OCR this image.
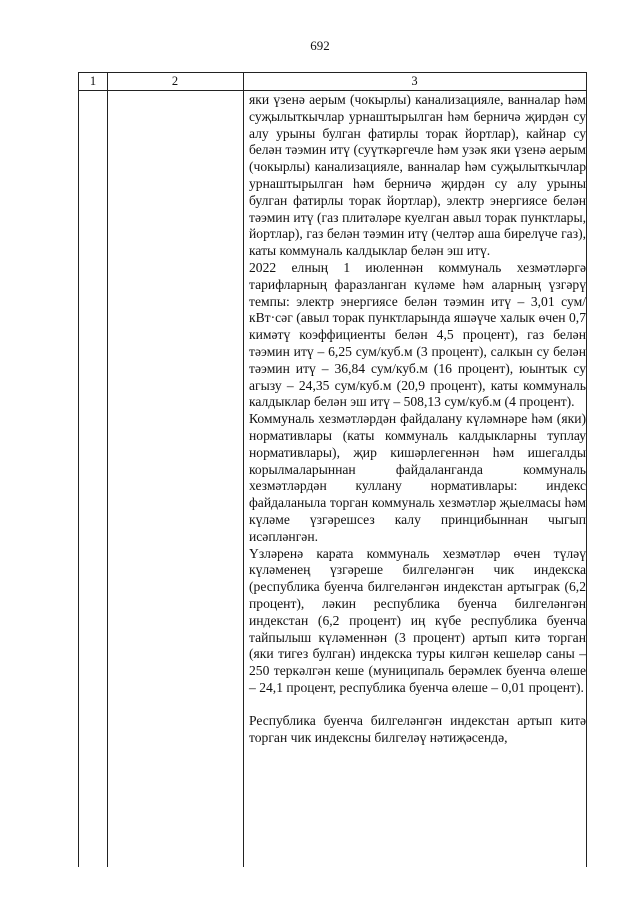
692
1	2	3

яки үзенә аерым (чокырлы) канализацияле, ванналар һәм суҗылыткычлар урнаштырылган һәм берничә җирдән су алу урыны булган фатирлы торак йортлар), кайнар су белән тәэмин итү (суүткәргечле һәм узәк яки үзенә аерым (чокырлы) канализацияле, ванналар һәм суҗылыткычлар урнаштырылган һәм берничә җирдән су алу урыны булган фатирлы торак йортлар), электр энергиясе белән тәэмин итү (газ плитәләре куелган авыл торак пунктлары, йортлар), газ белән тәэмин итү (челтәр аша бирелүче газ), каты коммуналь калдыклар белән эш итү.

2022 елның 1 июленнән коммуналь хезмәтләргә тарифларның фаразланган күләме һәм аларның үзгәрү темпы: электр энергиясе белән тәэмин итү – 3,01 сум/кВт·сәг (авыл торак пунктларында яшәүче халык өчен 0,7 кимәтү коэффициенты белән 4,5 процент), газ белән тәэмин итү – 6,25 сум/куб.м (3 процент), салкын су белән тәэмин итү – 36,84 сум/куб.м (16 процент), юынтык су агызу – 24,35 сум/куб.м (20,9 процент), каты коммуналь калдыклар белән эш итү – 508,13 сум/куб.м (4 процент).

Коммуналь хезмәтләрдән файдалану күләмнәре һәм (яки) нормативлары (каты коммуналь калдыкларны туплау нормативлары), җир кишәрлегеннән һәм ишегалды корылмаларыннан файдаланганда коммуналь хезмәтләрдән куллану нормативлары: индекс файдаланыла торган коммуналь хезмәтләр җыелмасы һәм күләме үзгәрешсез калу принцибыннан чыгып исәпләнгән.

Үзләренә карата коммуналь хезмәтләр өчен түләү күләменең үзгәреше билгеләнгән чик индекска (республика буенча билгеләнгән индекстан артыграк (6,2 процент), ләкин республика буенча билгеләнгән индекстан (6,2 процент) иң күбе республика буенча тайпылыш күләменнән (3 процент) артып китә торган (яки тигез булган) индекска туры килгән кешеләр саны – 250 теркәлгән кеше (муниципаль берәмлек буенча өлеше – 24,1 процент, республика буенча өлеше – 0,01 процент).

Республика буенча билгеләнгән индекстан артып китә торган чик индексны билгеләү нәтиҗәсендә,
